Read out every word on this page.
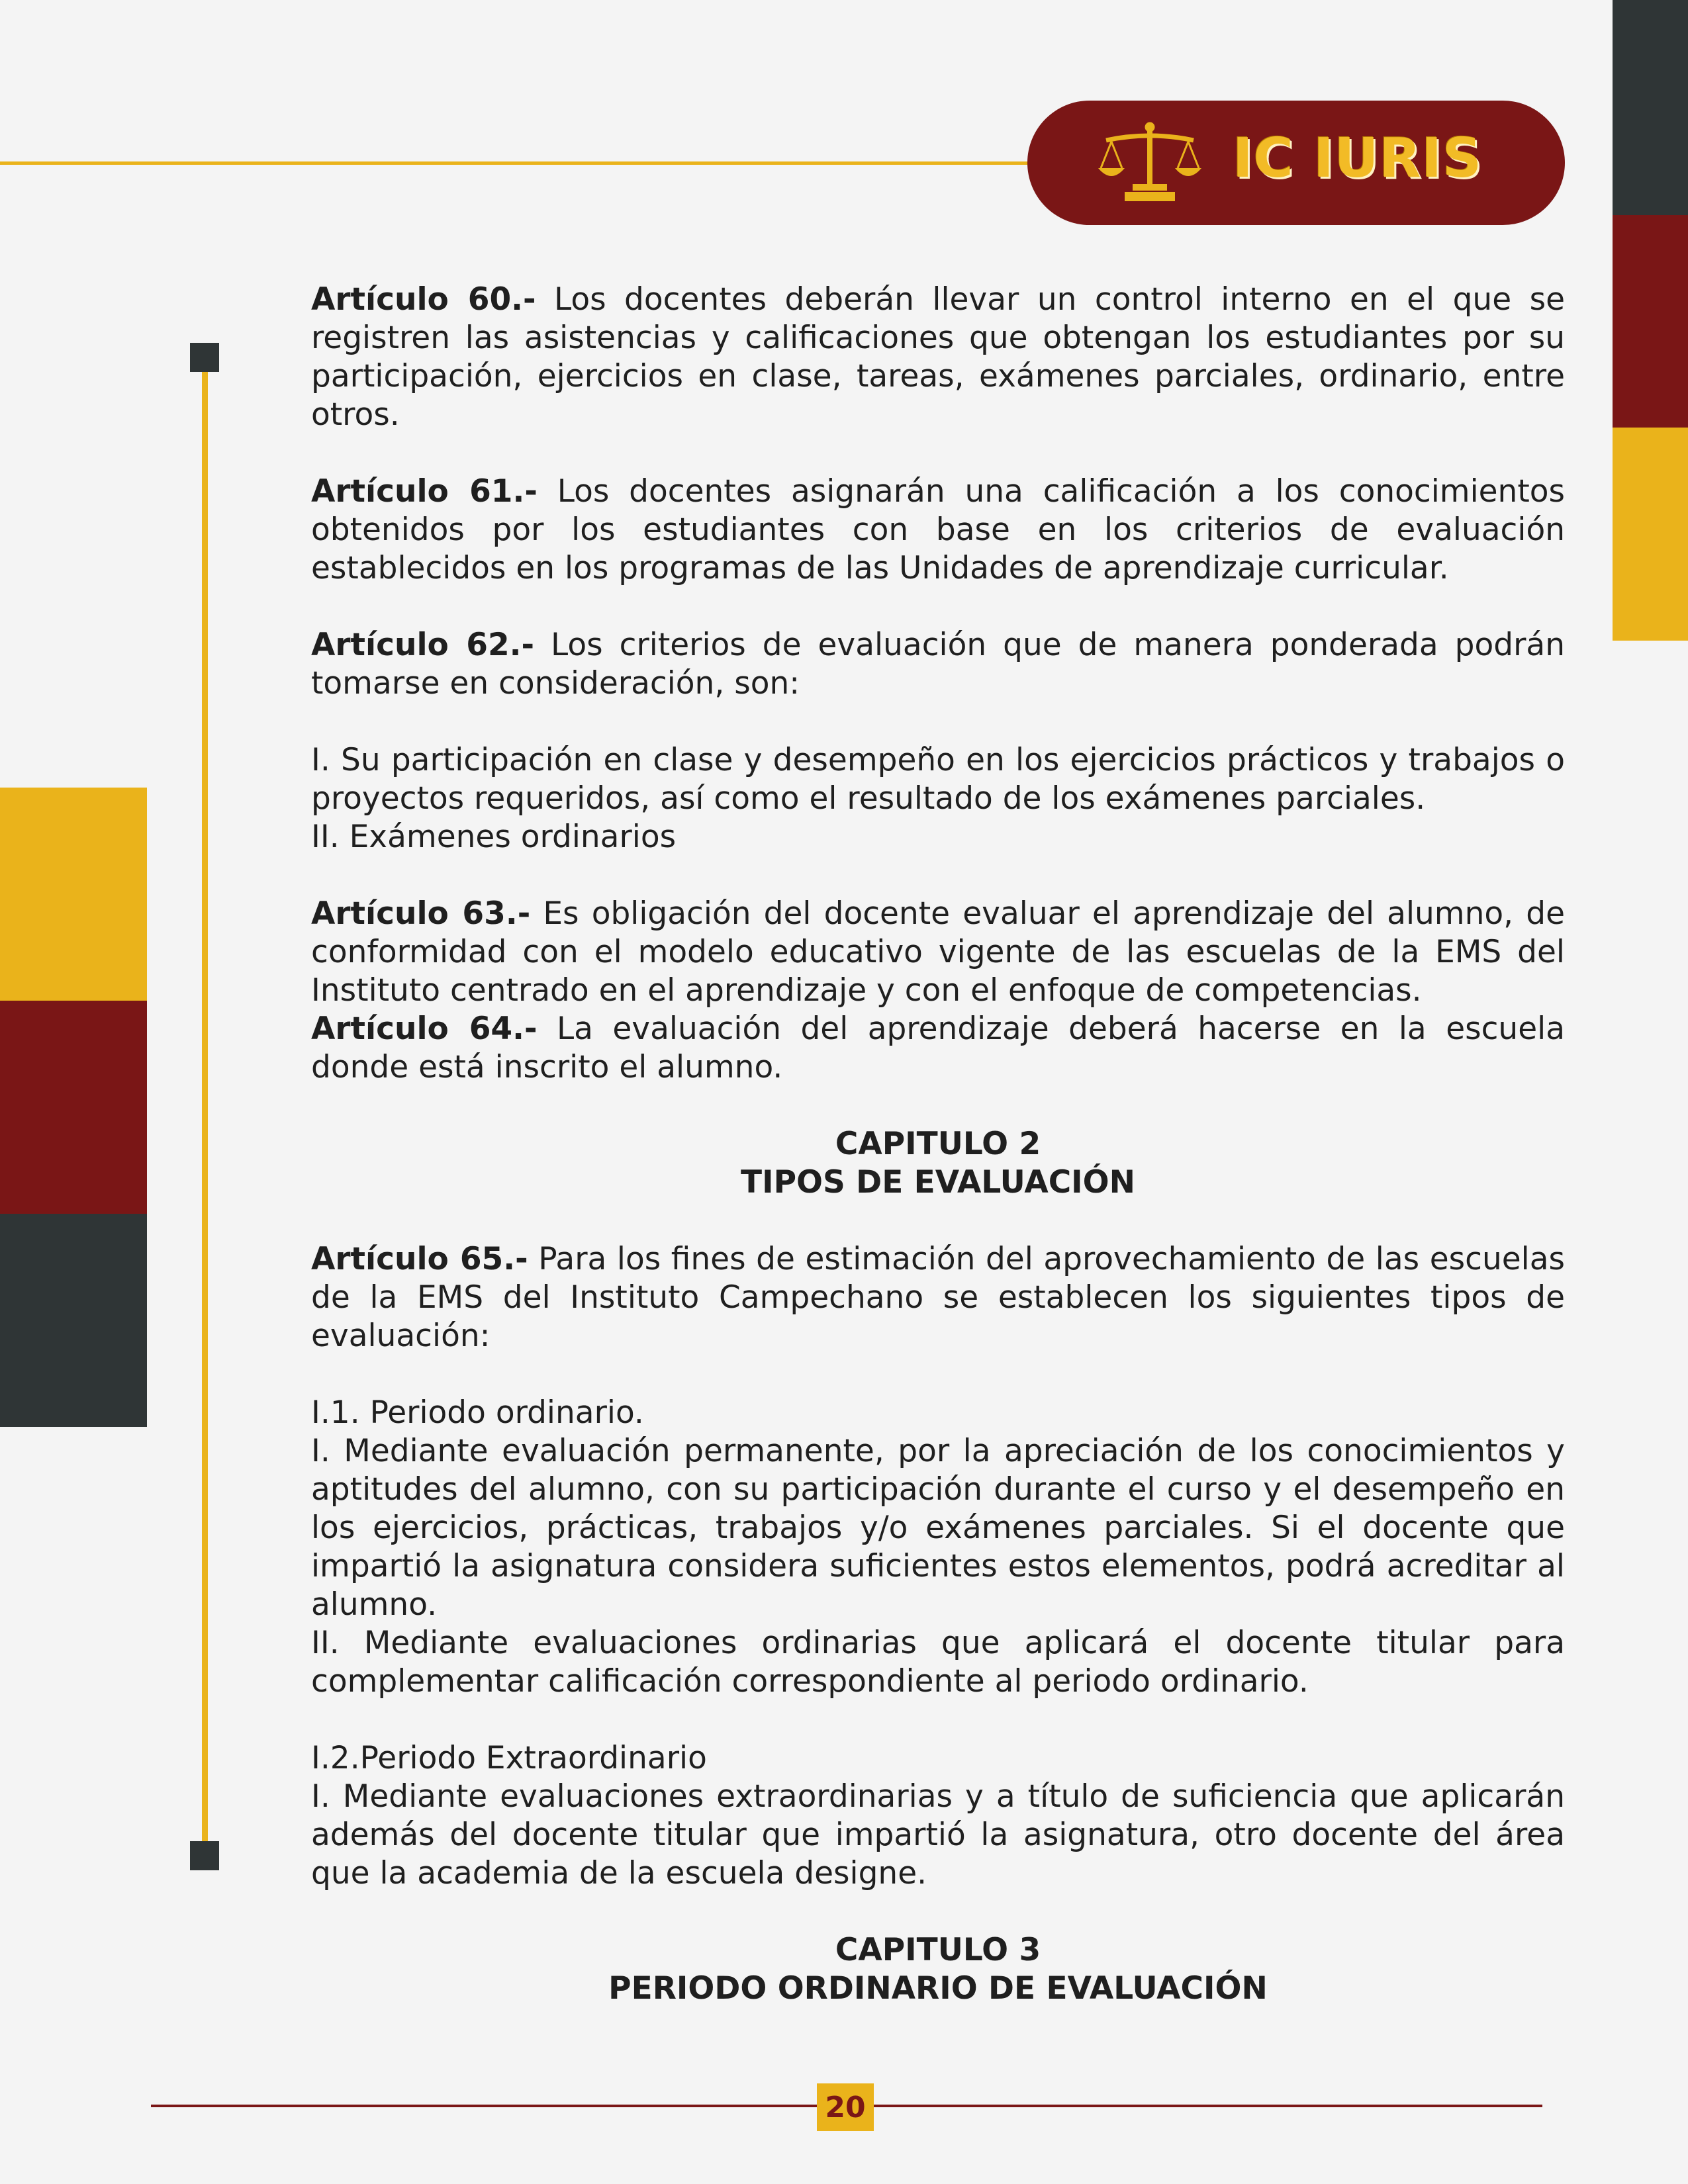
IC IURIS

Artículo 60.- Los docentes deberán llevar un control interno en el que se registren las asistencias y calificaciones que obtengan los estudiantes por su participación, ejercicios en clase, tareas, exámenes parciales, ordinario, entre otros.

Artículo 61.- Los docentes asignarán una calificación a los conocimientos obtenidos por los estudiantes con base en los criterios de evaluación establecidos en los programas de las Unidades de aprendizaje curricular.

Artículo 62.- Los criterios de evaluación que de manera ponderada podrán tomarse en consideración, son:

I. Su participación en clase y desempeño en los ejercicios prácticos y trabajos o proyectos requeridos, así como el resultado de los exámenes parciales.

II. Exámenes ordinarios

Artículo 63.- Es obligación del docente evaluar el aprendizaje del alumno, de conformidad con el modelo educativo vigente de las escuelas de la EMS del Instituto centrado en el aprendizaje y con el enfoque de competencias.

Artículo 64.- La evaluación del aprendizaje deberá hacerse en la escuela donde está inscrito el alumno.

CAPITULO 2
TIPOS DE EVALUACIÓN

Artículo 65.- Para los fines de estimación del aprovechamiento de las escuelas de la EMS del Instituto Campechano se establecen los siguientes tipos de evaluación:

I.1. Periodo ordinario.

I. Mediante evaluación permanente, por la apreciación de los conocimientos y aptitudes del alumno, con su participación durante el curso y el desempeño en los ejercicios, prácticas, trabajos y/o exámenes parciales. Si el docente que impartió la asignatura considera suficientes estos elementos, podrá acreditar al alumno.

II. Mediante evaluaciones ordinarias que aplicará el docente titular para complementar calificación correspondiente al periodo ordinario.

I.2.Periodo Extraordinario

I. Mediante evaluaciones extraordinarias y a título de suficiencia que aplicarán además del docente titular que impartió la asignatura, otro docente del área que la academia de la escuela designe.

CAPITULO 3
PERIODO ORDINARIO DE EVALUACIÓN
20
